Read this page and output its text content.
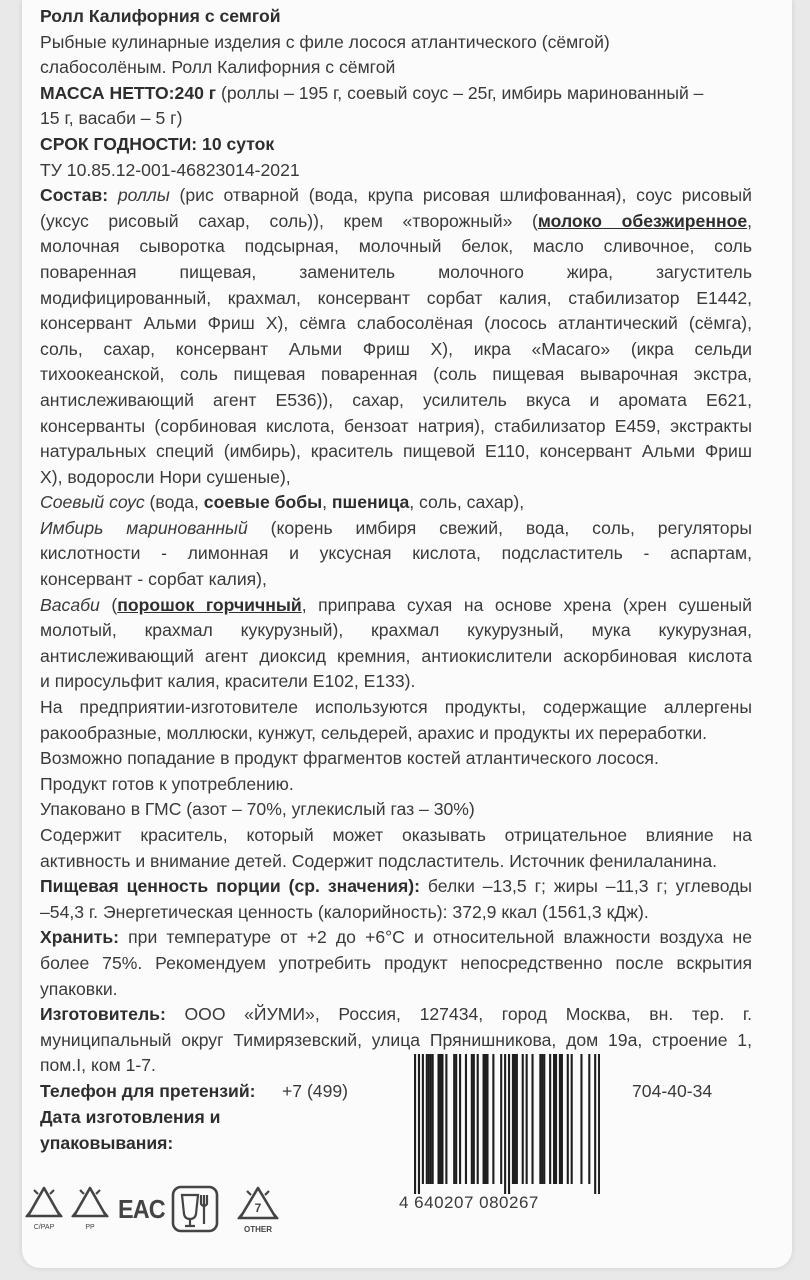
Ролл Калифорния с семгой

Рыбные кулинарные изделия с филе лосося атлантического (сёмгой)

слабосолёным. Ролл Калифорния с сёмгой

МАССА НЕТТО:240 г (роллы – 195 г, соевый соус – 25г, имбирь маринованный –

15 г, васаби – 5 г)

СРОК ГОДНОСТИ: 10 суток

ТУ 10.85.12-001-46823014-2021

Состав: роллы (рис отварной (вода, крупа рисовая шлифованная), соус рисовый

(уксус рисовый сахар, соль)), крем «творожный» (молоко обезжиренное,

молочная сыворотка подсырная, молочный белок, масло сливочное, соль

поваренная пищевая, заменитель молочного жира, загуститель

модифицированный, крахмал, консервант сорбат калия, стабилизатор Е1442,

консервант Альми Фриш Х), сёмга слабосолёная (лосось атлантический (сёмга),

соль, сахар, консервант Альми Фриш Х), икра «Масаго» (икра сельди

тихоокеанской, соль пищевая поваренная (соль пищевая выварочная экстра,

антислеживающий агент Е536)), сахар, усилитель вкуса и аромата Е621,

консерванты (сорбиновая кислота, бензоат натрия), стабилизатор Е459, экстракты

натуральных специй (имбирь), краситель пищевой Е110, консервант Альми Фриш

Х), водоросли Нори сушеные),

Соевый соус (вода, соевые бобы, пшеница, соль, сахар),

Имбирь маринованный (корень имбиря свежий, вода, соль, регуляторы

кислотности - лимонная и уксусная кислота, подсластитель - аспартам,

консервант - сорбат калия),

Васаби (порошок горчичный, приправа сухая на основе хрена (хрен сушеный

молотый, крахмал кукурузный), крахмал кукурузный, мука кукурузная,

антислеживающий агент диоксид кремния, антиокислители аскорбиновая кислота

и пиросульфит калия, красители Е102, Е133).

На предприятии-изготовителе используются продукты, содержащие аллергены

ракообразные, моллюски, кунжут, сельдерей, арахис и продукты их переработки.

Возможно попадание в продукт фрагментов костей атлантического лосося.

Продукт готов к употреблению.

Упаковано в ГМС (азот – 70%, углекислый газ – 30%)

Содержит краситель, который может оказывать отрицательное влияние на

активность и внимание детей. Содержит подсластитель. Источник фенилаланина.

Пищевая ценность порции (ср. значения): белки –13,5 г; жиры –11,3 г; углеводы

–54,3 г. Энергетическая ценность (калорийность): 372,9 ккал (1561,3 кДж).

Хранить: при температуре от +2 до +6°С и относительной влажности воздуха не

более 75%. Рекомендуем употребить продукт непосредственно после вскрытия

упаковки.

Изготовитель: ООО «ЙУМИ», Россия, 127434, город Москва, вн. тер. г.

муниципальный округ Тимирязевский, улица Прянишникова, дом 19а, строение 1,

пом.I, ком 1-7.

Телефон для претензий: +7 (499)	704-40-34

Дата изготовления и

упаковывания:

4 640207 080267
C/PAP	PP
EAC	7
OTHER
